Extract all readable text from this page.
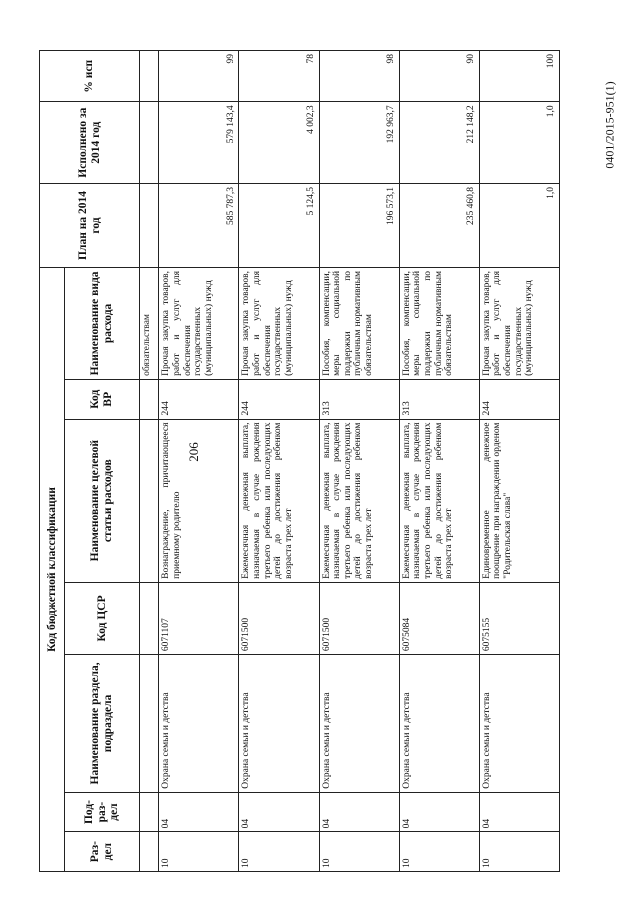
206
0401/2015-951(1)
Код бюджетной классификации							План на 2014 год	Исполнено за 2014 год	% исп
Раз-дел	Под-раз-дел	Наименование раздела, подраздела	Код ЦСР	Наименование целевой статьи расходов	Код ВР	Наименование вида расхода			
						обязательствам			
10	04	Охрана семьи и детства	6071107	Вознаграждение, причитающееся приемному родителю	244	Прочая закупка товаров, работ и услуг для обеспечения государственных (муниципальных) нужд	585 787,3	579 143,4	99
10	04	Охрана семьи и детства	6071500	Ежемесячная денежная выплата, назначаемая в случае рождения третьего ребенка или последующих детей до достижения ребенком возраста трех лет	244	Прочая закупка товаров, работ и услуг для обеспечения государственных (муниципальных) нужд	5 124,5	4 002,3	78
10	04	Охрана семьи и детства	6071500	Ежемесячная денежная выплата, назначаемая в случае рождения третьего ребенка или последующих детей до достижения ребенком возраста трех лет	313	Пособия, компенсации, меры социальной поддержки по публичным нормативным обязательствам	196 573,1	192 963,7	98
10	04	Охрана семьи и детства	6075084	Ежемесячная денежная выплата, назначаемая в случае рождения третьего ребенка или последующих детей до достижения ребенком возраста трех лет	313	Пособия, компенсации, меры социальной поддержки по публичным нормативным обязательствам	235 460,8	212 148,2	90
10	04	Охрана семьи и детства	6075155	Единовременное денежное поощрение при награждении орденом "Родительская слава"	244	Прочая закупка товаров, работ и услуг для обеспечения государственных (муниципальных) нужд	1,0	1,0	100
